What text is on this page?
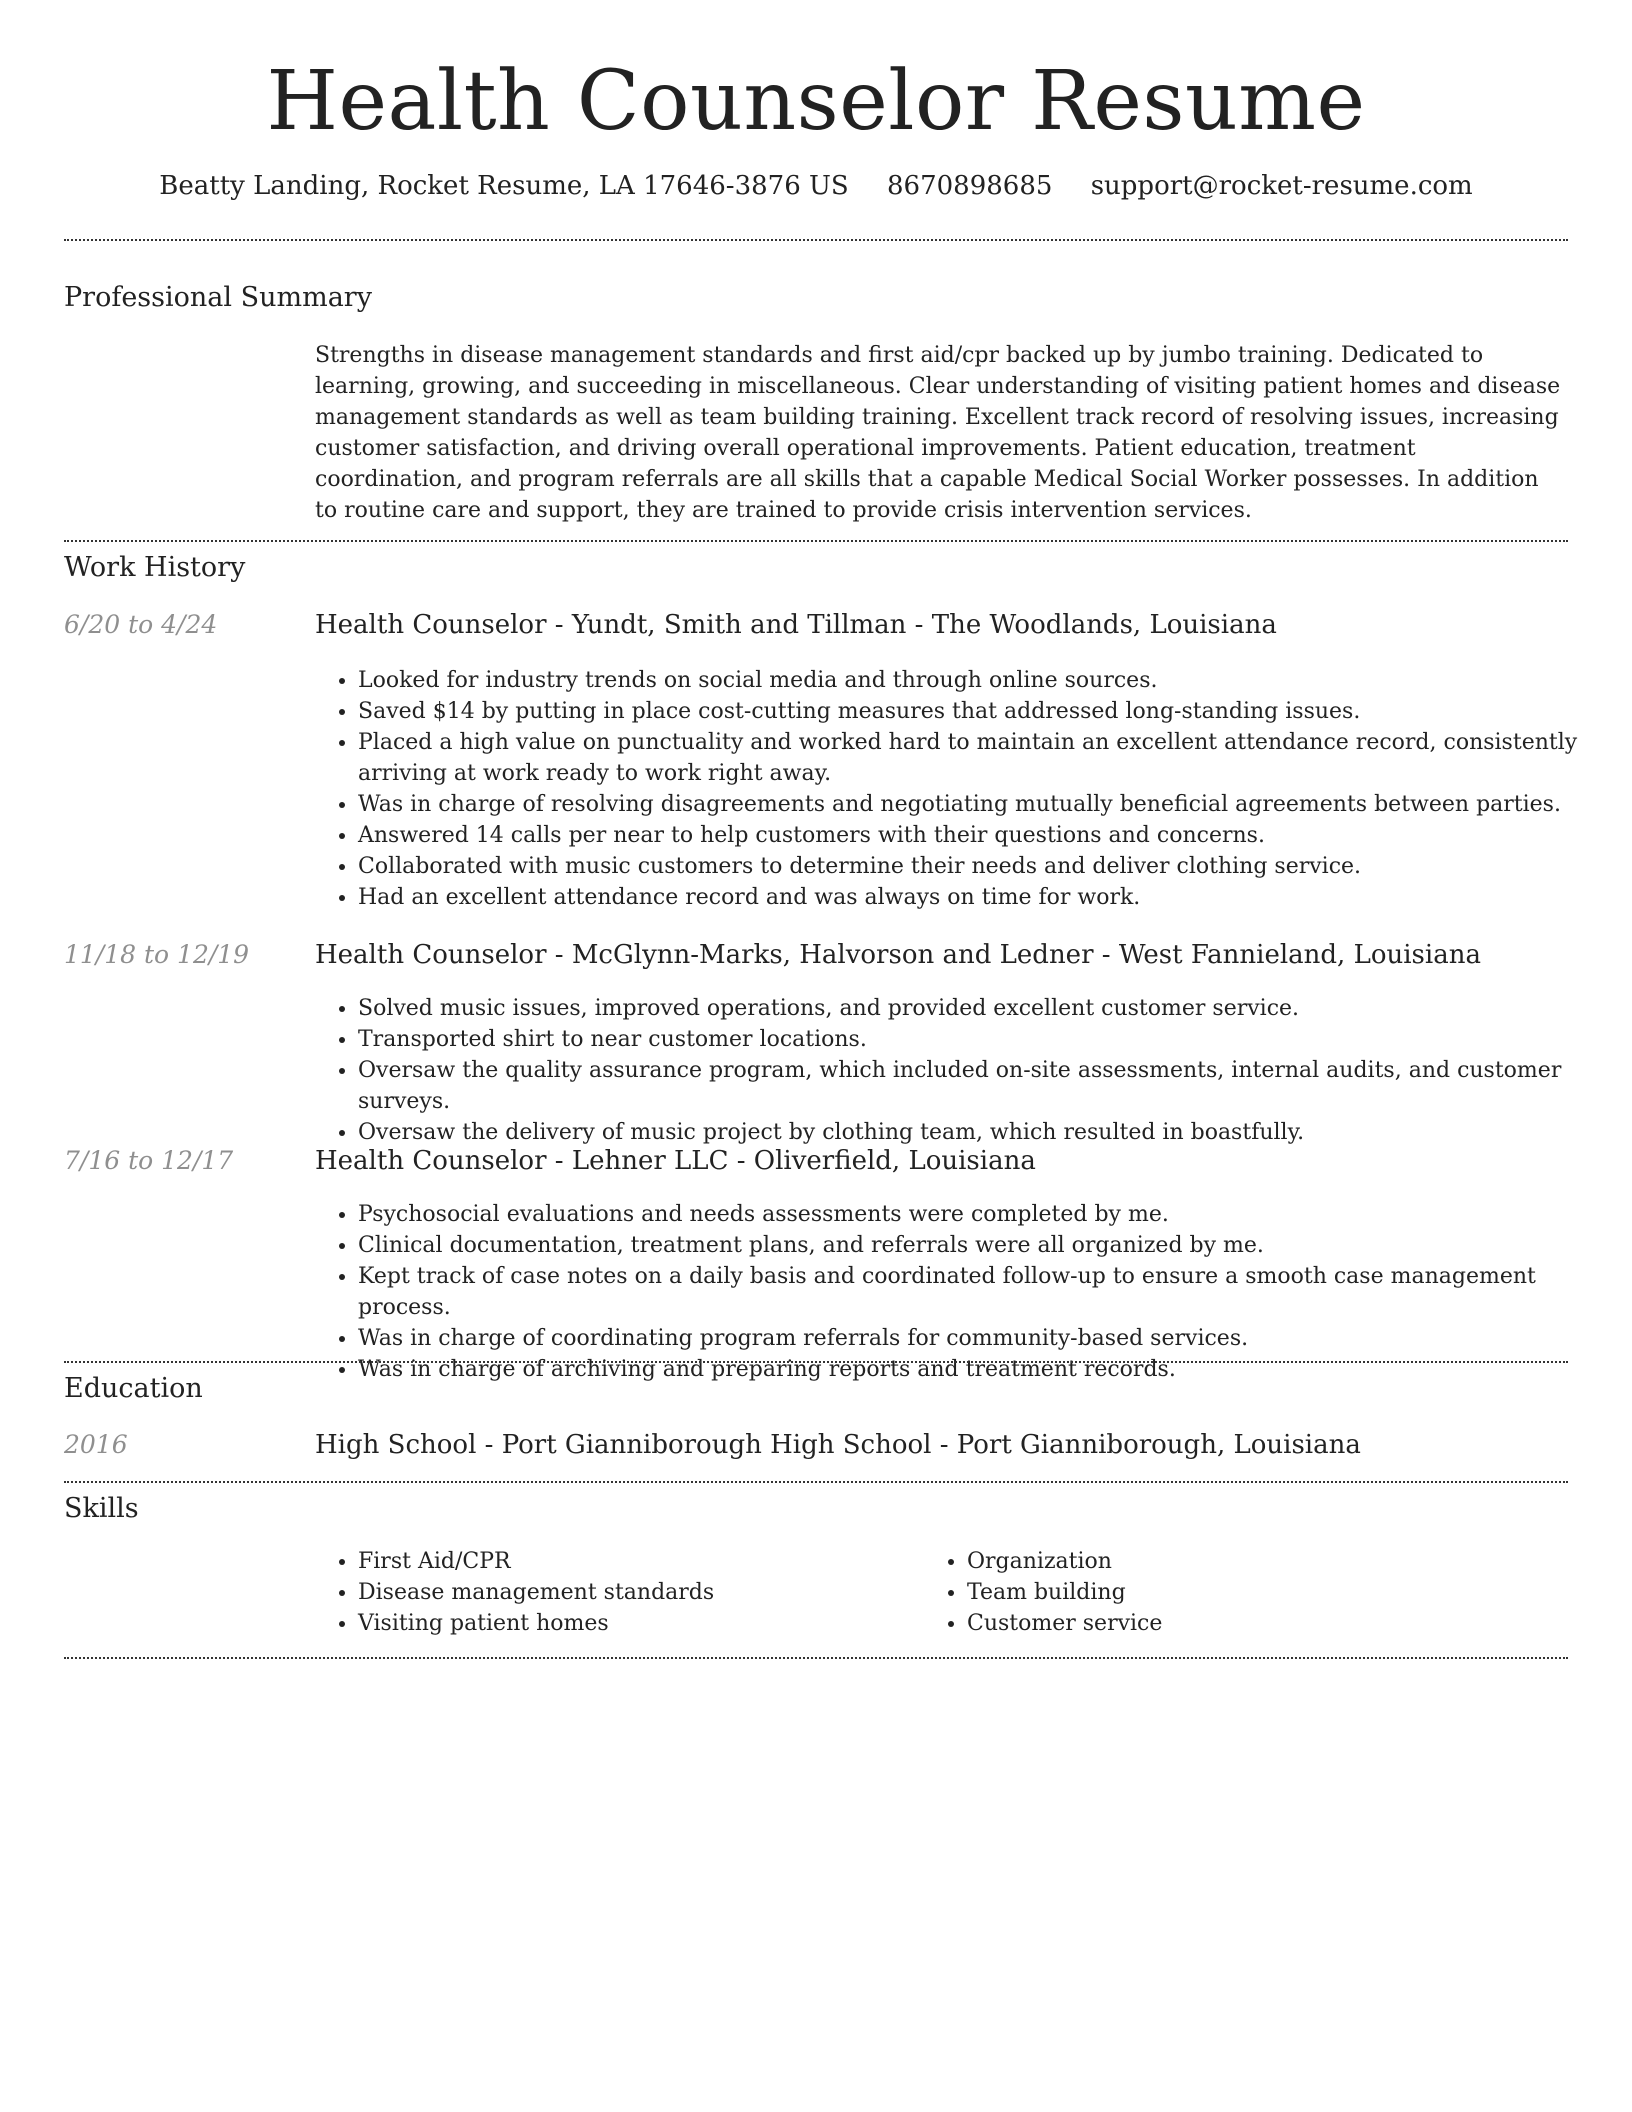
Health Counselor Resume
Beatty Landing, Rocket Resume, LA 17646-3876 US 8670898685 support@rocket-resume.com
Professional Summary

Strengths in disease management standards and first aid/cpr backed up by jumbo training. Dedicated to learning, growing, and succeeding in miscellaneous. Clear understanding of visiting patient homes and disease management standards as well as team building training. Excellent track record of resolving issues, increasing customer satisfaction, and driving overall operational improvements. Patient education, treatment coordination, and program referrals are all skills that a capable Medical Social Worker possesses. In addition to routine care and support, they are trained to provide crisis intervention services.

Work History
6/20 to 4/24	Health Counselor - Yundt, Smith and Tillman - The Woodlands, Louisiana
• Looked for industry trends on social media and through online sources.
• Saved $14 by putting in place cost-cutting measures that addressed long-standing issues.
• Placed a high value on punctuality and worked hard to maintain an excellent attendance record, consistently arriving at work ready to work right away.
• Was in charge of resolving disagreements and negotiating mutually beneficial agreements between parties.
• Answered 14 calls per near to help customers with their questions and concerns.
• Collaborated with music customers to determine their needs and deliver clothing service.
• Had an excellent attendance record and was always on time for work.
11/18 to 12/19	Health Counselor - McGlynn-Marks, Halvorson and Ledner - West Fannieland, Louisiana
• Solved music issues, improved operations, and provided excellent customer service.
• Transported shirt to near customer locations.
• Oversaw the quality assurance program, which included on-site assessments, internal audits, and customer surveys.
• Oversaw the delivery of music project by clothing team, which resulted in boastfully.
7/16 to 12/17	Health Counselor - Lehner LLC - Oliverfield, Louisiana
• Psychosocial evaluations and needs assessments were completed by me.
• Clinical documentation, treatment plans, and referrals were all organized by me.
• Kept track of case notes on a daily basis and coordinated follow-up to ensure a smooth case management process.
• Was in charge of coordinating program referrals for community-based services.
• Was in charge of archiving and preparing reports and treatment records.
Education
2016	High School - Port Gianniborough High School - Port Gianniborough, Louisiana
Skills
• First Aid/CPR
• Disease management standards
• Visiting patient homes
• Organization
• Team building
• Customer service
